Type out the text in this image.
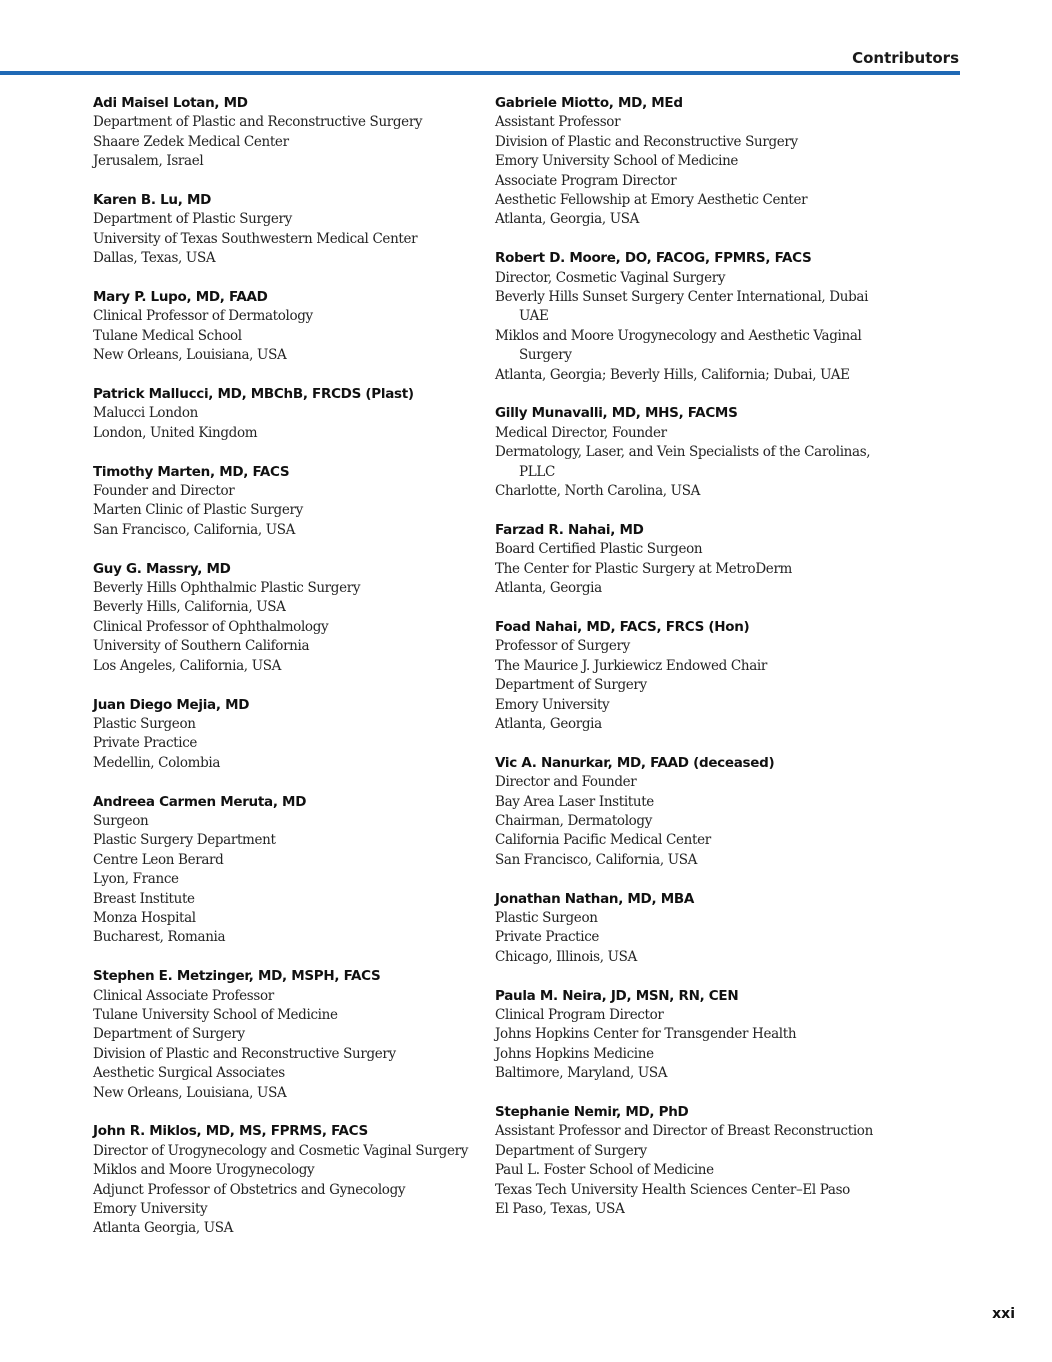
Contributors
Adi Maisel Lotan, MD
Department of Plastic and Reconstructive Surgery
Shaare Zedek Medical Center
Jerusalem, Israel
Karen B. Lu, MD
Department of Plastic Surgery
University of Texas Southwestern Medical Center
Dallas, Texas, USA
Mary P. Lupo, MD, FAAD
Clinical Professor of Dermatology
Tulane Medical School
New Orleans, Louisiana, USA
Patrick Mallucci, MD, MBChB, FRCDS (Plast)
Malucci London
London, United Kingdom
Timothy Marten, MD, FACS
Founder and Director
Marten Clinic of Plastic Surgery
San Francisco, California, USA
Guy G. Massry, MD
Beverly Hills Ophthalmic Plastic Surgery
Beverly Hills, California, USA
Clinical Professor of Ophthalmology
University of Southern California
Los Angeles, California, USA
Juan Diego Mejia, MD
Plastic Surgeon
Private Practice
Medellin, Colombia
Andreea Carmen Meruta, MD
Surgeon
Plastic Surgery Department
Centre Leon Berard
Lyon, France
Breast Institute
Monza Hospital
Bucharest, Romania
Stephen E. Metzinger, MD, MSPH, FACS
Clinical Associate Professor
Tulane University School of Medicine
Department of Surgery
Division of Plastic and Reconstructive Surgery
Aesthetic Surgical Associates
New Orleans, Louisiana, USA
John R. Miklos, MD, MS, FPRMS, FACS
Director of Urogynecology and Cosmetic Vaginal Surgery
Miklos and Moore Urogynecology
Adjunct Professor of Obstetrics and Gynecology
Emory University
Atlanta Georgia, USA
Gabriele Miotto, MD, MEd
Assistant Professor
Division of Plastic and Reconstructive Surgery
Emory University School of Medicine
Associate Program Director
Aesthetic Fellowship at Emory Aesthetic Center
Atlanta, Georgia, USA
Robert D. Moore, DO, FACOG, FPMRS, FACS
Director, Cosmetic Vaginal Surgery
Beverly Hills Sunset Surgery Center International, Dubai
UAE
Miklos and Moore Urogynecology and Aesthetic Vaginal
Surgery
Atlanta, Georgia; Beverly Hills, California; Dubai, UAE
Gilly Munavalli, MD, MHS, FACMS
Medical Director, Founder
Dermatology, Laser, and Vein Specialists of the Carolinas,
PLLC
Charlotte, North Carolina, USA
Farzad R. Nahai, MD
Board Certified Plastic Surgeon
The Center for Plastic Surgery at MetroDerm
Atlanta, Georgia
Foad Nahai, MD, FACS, FRCS (Hon)
Professor of Surgery
The Maurice J. Jurkiewicz Endowed Chair
Department of Surgery
Emory University
Atlanta, Georgia
Vic A. Nanurkar, MD, FAAD (deceased)
Director and Founder
Bay Area Laser Institute
Chairman, Dermatology
California Pacific Medical Center
San Francisco, California, USA
Jonathan Nathan, MD, MBA
Plastic Surgeon
Private Practice
Chicago, Illinois, USA
Paula M. Neira, JD, MSN, RN, CEN
Clinical Program Director
Johns Hopkins Center for Transgender Health
Johns Hopkins Medicine
Baltimore, Maryland, USA
Stephanie Nemir, MD, PhD
Assistant Professor and Director of Breast Reconstruction
Department of Surgery
Paul L. Foster School of Medicine
Texas Tech University Health Sciences Center–El Paso
El Paso, Texas, USA
xxi
